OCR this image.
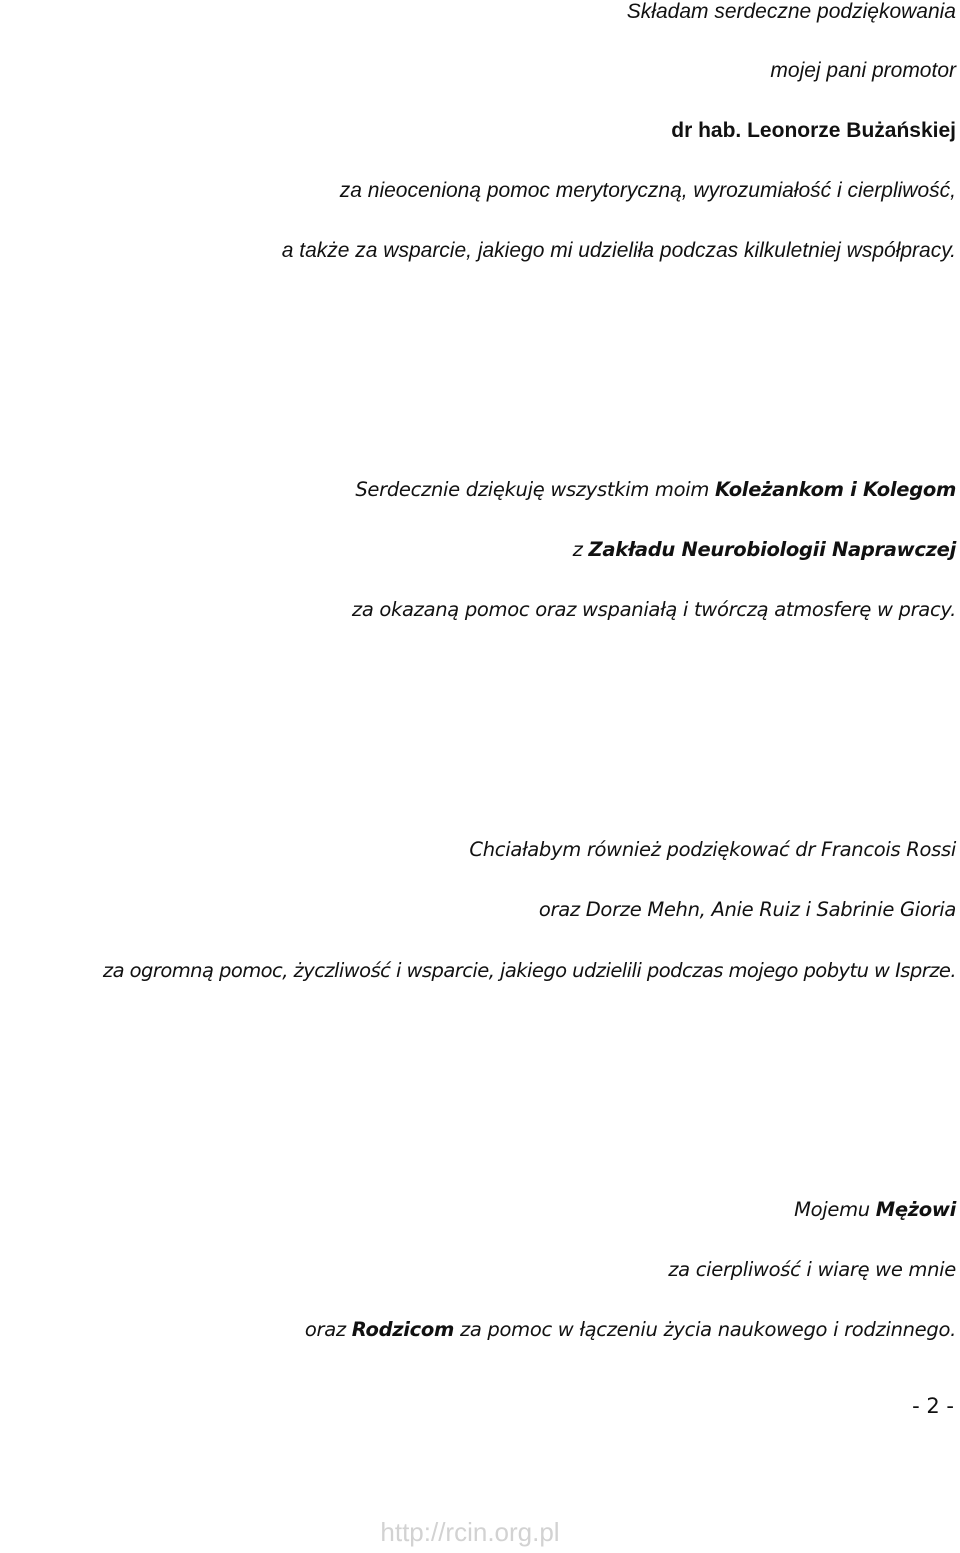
Składam serdeczne podziękowania
mojej pani promotor
dr hab. Leonorze Bużańskiej
za nieocenioną pomoc merytoryczną, wyrozumiałość i cierpliwość,
a także za wsparcie, jakiego mi udzieliła podczas kilkuletniej współpracy.
Serdecznie dziękuję wszystkim moim Koleżankom i Kolegom
z Zakładu Neurobiologii Naprawczej
za okazaną pomoc oraz wspaniałą i twórczą atmosferę w pracy.
Chciałabym również podziękować dr Francois Rossi
oraz Dorze Mehn, Anie Ruiz i Sabrinie Gioria
za ogromną pomoc, życzliwość i wsparcie, jakiego udzielili podczas mojego pobytu w Isprze.
Mojemu Mężowi
za cierpliwość i wiarę we mnie
oraz Rodzicom za pomoc w łączeniu życia naukowego i rodzinnego.
- 2 -
http://rcin.org.pl
